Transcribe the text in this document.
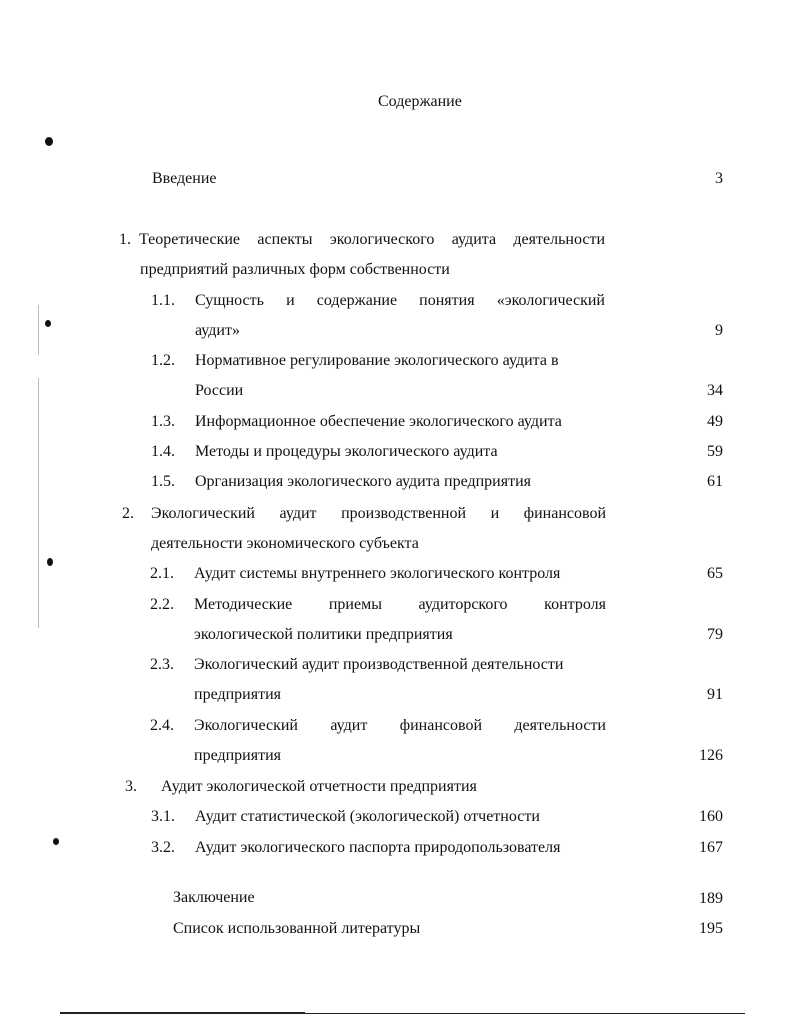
Содержание
Введение	3
1. Теоретические аспекты экологического аудита деятельности
предприятий различных форм собственности
1.1. Сущность и содержание понятия «экологический
аудит»	9
1.2. Нормативное регулирование экологического аудита в
России	34
1.3. Информационное обеспечение экологического аудита	49
1.4. Методы и процедуры экологического аудита	59
1.5. Организация экологического аудита предприятия	61
2. Экологический аудит производственной и финансовой
деятельности экономического субъекта
2.1. Аудит системы внутреннего экологического контроля	65
2.2. Методические приемы аудиторского контроля
экологической политики предприятия	79
2.3. Экологический аудит производственной деятельности
предприятия	91
2.4. Экологический аудит финансовой деятельности
предприятия	126
3. Аудит экологической отчетности предприятия
3.1. Аудит статистической (экологической) отчетности	160
3.2. Аудит экологического паспорта природопользователя	167
Заключение	189
Список использованной литературы	195
